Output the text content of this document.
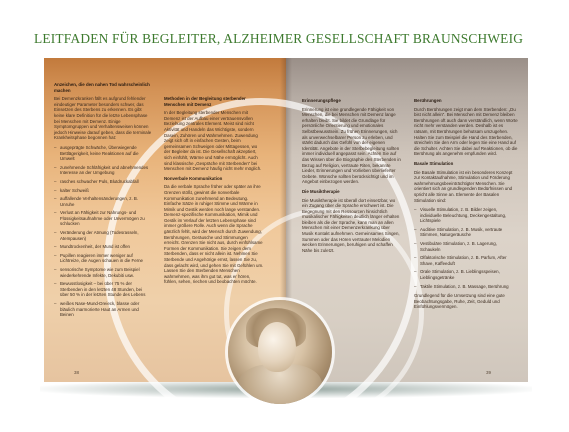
LEITFADEN FÜR BEGLEITER, ALZHEIMER GESELLSCHAFT BRAUNSCHWEIG

Anzeichen, die den nahen Tod wahrscheinlich machen

Bei Demenzkranken fällt es aufgrund fehlender eindeutiger Parameter besonders schwer, das Einsetzen des Sterbens zu erkennen. Es gibt keine klare Definition für die letzte Lebensphase bei Menschen mit Demenz. Einige Symptomgruppen und Verhaltensweisen können jedoch Hinweise darauf geben, dass die terminale Krankheitsphase begonnen hat:

– ausgeprägte Schwäche, Überwiegende Bettlägerigkeit, keine Reaktionen auf die Umwelt
– zunehmende Schläfrigkeit und abnehmendes Interesse an der Umgebung
– rasches schwacher Puls, Blutdruckabfall
– kalter Schweiß
– auffallende Verhaltensänderungen, z. B. Unruhe
– Verlust an Fähigkeit zur Nahrungs- und Flüssigkeitsaufnahme oder Unvermögen zu schlucken
– Veränderung der Atmung (Todesrasseln, Atempausen)
– Mundtrockenheit, der Mund ist offen
– Pupillen reagieren immer weniger auf Lichtreize, die Augen schauen in die Ferne
– sensorische Symptome wie zum Beispiel wiederkehrende Infekte, Dekubiti usw.
– Bewusstlosigkeit – bei über 75 % der Sterbenden in den letzten 48 Stunden, bei über 50 % in der letzten Stunde des Lebens
– weißes Nase-Mund-Dreieck, blasse oder bläulich marmorierte Haut an Armen und Beinen

Methoden in der Begleitung sterbender Menschen mit Demenz

In der Begleitung sterbender Menschen mit Demenz ist der Aufbau einer vertrauensvollen Beziehung zentrales Element. Meist sind nicht Aktivität und Handeln das Wichtigste, sondern Dasein, Zuhören und Wahrnehmen. Zuwendung zeigt sich oft in einfachen Gesten, beim gemeinsamen Schweigen oder Mittagessen, wo der Begleiter da ist. Die Gesellschaft akzeptiert, sich einfühlt, Wärme und Nähe ermöglicht. Auch sind klassische „Gespräche mit Sterbenden“ bei Menschen mit Demenz häufig nicht mehr möglich.

Nonverbale Kommunikation

Da die verbale Sprache früher oder später an ihre Grenzen stößt, gewinnt die nonverbale Kommunikation zunehmend an Bedeutung. Einfache Sätze in ruhiger Stimme und Wärme in Mimik und Gestik werden noch lange verstanden. Demenz-spezifische Kommunikation, Mimik und Gestik im Verlauf der letzten Lebensphase sind immer größere Rolle. Auch wenn die Sprache gänzlich fehlt, wird der Mensch durch Zuwendung, Berührungen, Geräusche und Stimmungen erreicht. Grenzen Sie nicht aus, durch einfühlsame Formen der Kommunikation. Sie zeigen dem Sterbenden, dass er nicht allein ist. Nehmen Sie Sterbende und Angehörige ernst, lassen Sie zu, dass gelacht wird, und gehen Sie mit Gefühlen um. Lassen Sie den Sterbenden Menschen wahrnehmen, was ihm gut tut, was er hören, fühlen, sehen, riechen und beobachten möchte.

Erinnerungspflege

Erinnerung ist eine grundlegende Fähigkeit von Menschen, die bei Menschen mit Demenz lange erhalten bleibt. Sie bildet die Grundlage für persönliche Orientierung und emotionales Selbstbewusstsein. Zu frühen Erinnerungen, sich als unverwechselbarer Person zu erleben, und stärkt dadurch das Gefühl von der eigenen Identität. Angebote in der Sterbebegleitung sollten immer individuell angepasst sein. Achten Sie auf das Wissen über die Biographie des Sterbenden in Bezug auf Religion, vertraute Riten, bekannte Lieder, Erinnerungen und Vorlieben überlieferter Gebete. Wünsche sollten berücksichtigt und im Angebot einbezogen werden.

Die Musiktherapie

Die Musiktherapie ist überall dort einsetzbar, wo ein Zugang über die Sprache erschwert ist. Die Begegnung mit den Ressourcen hinsichtlich musikalischer Fähigkeiten deutlich länger erhalten bleiben als die der Sprache, kann man an allen Menschen mit einer Demenzerkrankung über Musik Kontakt aufnehmen. Gemeinsames Singen, Summen oder das Hören vertrauter Melodien wecken Erinnerungen, beruhigen und schaffen Nähe bis zuletzt.

Berührungen

Durch Berührungen zeigt man dem Sterbenden: „Du bist nicht allein“. Bei Menschen mit Demenz bleiben Berührungen oft auch dann verständlich, wenn Worte nicht mehr verstanden werden. Deshalb ist es ratsam, mit Berührungen behutsam umzugehen. Halten Sie zum Beispiel die Hand des Sterbenden, streicheln Sie den Arm oder legen Sie eine Hand auf die Schulter. Achten Sie dabei auf Reaktionen, ob die Berührung als angenehm empfunden wird.

Basale Stimulation

Die Basale Stimulation ist ein besonderes Konzept zur Kontaktaufnahme, Stimulation und Förderung wahrnehmungsbeeinträchtigter Menschen. Sie orientiert sich an grundlegenden Bedürfnissen und spricht alle Sinne an. Elemente der Basalen Stimulation sind:

– Visuelle Stimulation, z. B. Bilder zeigen, individuelle Beleuchtung, Deckengestaltung, Lichtspiele
– Auditive Stimulation, z. B. Musik, vertraute Stimmen, Naturgeräusche
– Vestibuläre Stimulation, z. B. Lagerung, Schaukeln
– Olfaktorische Stimulation, z. B. Parfum, After Shave, Kaffeeduft
– Orale Stimulation, z. B. Lieblingsspeisen, Lieblingsgetränke
– Taktile Stimulation, z. B. Massage, Berührung

Grundlegend für die Umsetzung sind eine gute Beobachtungsgabe, Ruhe, Zeit, Geduld und Einfühlungsvermögen.

38	39
